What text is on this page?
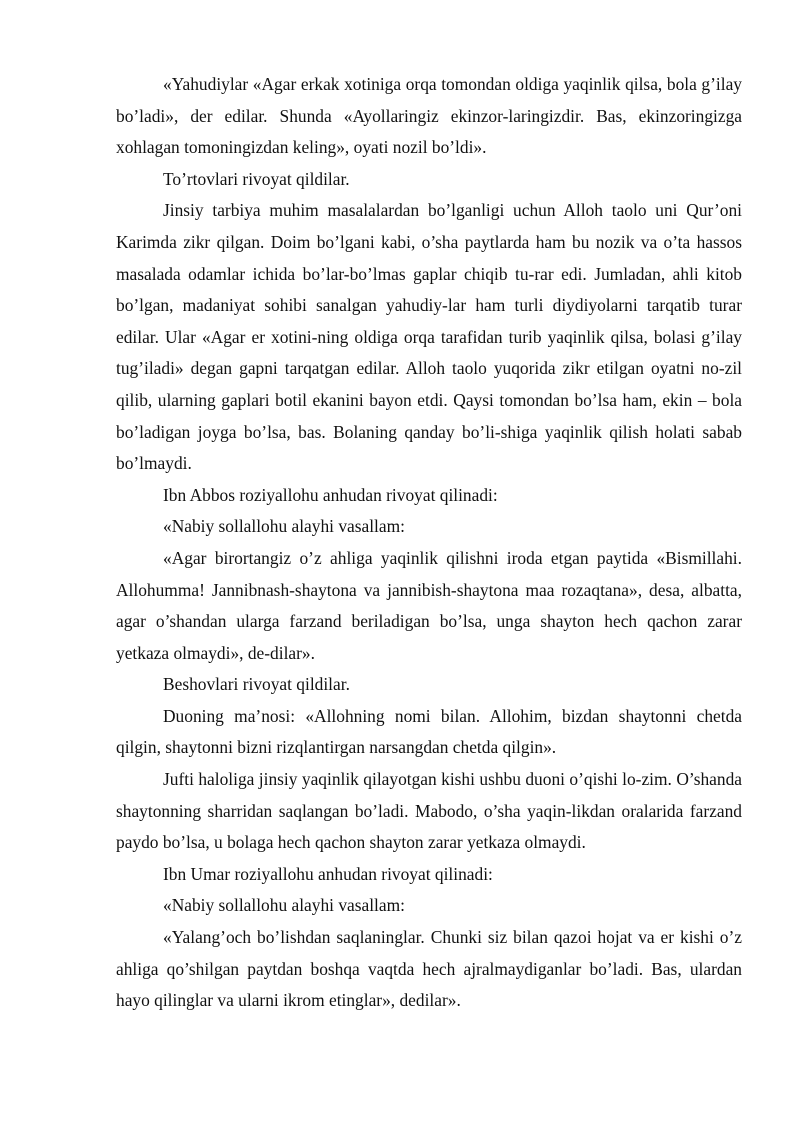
«Yahudiylar «Agar erkak xotiniga orqa tomondan oldiga yaqinlik qilsa, bola g’ilay bo’ladi», der edilar. Shunda «Ayollaringiz ekinzor-laringizdir. Bas, ekinzoringizga xohlagan tomoningizdan keling», oyati nozil bo’ldi».

To’rtovlari rivoyat qildilar.

Jinsiy tarbiya muhim masalalardan bo’lganligi uchun Alloh taolo uni Qur’oni Karimda zikr qilgan. Doim bo’lgani kabi, o’sha paytlarda ham bu nozik va o’ta hassos masalada odamlar ichida bo’lar-bo’lmas gaplar chiqib tu-rar edi. Jumladan, ahli kitob bo’lgan, madaniyat sohibi sanalgan yahudiy-lar ham turli diydiyolarni tarqatib turar edilar. Ular «Agar er xotini-ning oldiga orqa tarafidan turib yaqinlik qilsa, bolasi g’ilay tug’iladi» degan gapni tarqatgan edilar. Alloh taolo yuqorida zikr etilgan oyatni no-zil qilib, ularning gaplari botil ekanini bayon etdi. Qaysi tomondan bo’lsa ham, ekin – bola bo’ladigan joyga bo’lsa, bas. Bolaning qanday bo’li-shiga yaqinlik qilish holati sabab bo’lmaydi.

Ibn Abbos roziyallohu anhudan rivoyat qilinadi:

«Nabiy sollallohu alayhi vasallam:

«Agar birortangiz o’z ahliga yaqinlik qilishni iroda etgan paytida «Bismillahi. Allohumma! Jannibnash-shaytona va jannibish-shaytona maa rozaqtana», desa, albatta, agar o’shandan ularga farzand beriladigan bo’lsa, unga shayton hech qachon zarar yetkaza olmaydi», de-dilar».

Beshovlari rivoyat qildilar.

Duoning ma’nosi: «Allohning nomi bilan. Allohim, bizdan shaytonni chetda qilgin, shaytonni bizni rizqlantirgan narsangdan chetda qilgin».

Jufti haloliga jinsiy yaqinlik qilayotgan kishi ushbu duoni o’qishi lo-zim. O’shanda shaytonning sharridan saqlangan bo’ladi. Mabodo, o’sha yaqin-likdan oralarida farzand paydo bo’lsa, u bolaga hech qachon shayton zarar yetkaza olmaydi.

Ibn Umar roziyallohu anhudan rivoyat qilinadi:

«Nabiy sollallohu alayhi vasallam:

«Yalang’och bo’lishdan saqlaninglar. Chunki siz bilan qazoi hojat va er kishi o’z ahliga qo’shilgan paytdan boshqa vaqtda hech ajralmaydiganlar bo’ladi. Bas, ulardan hayo qilinglar va ularni ikrom etinglar», dedilar».
